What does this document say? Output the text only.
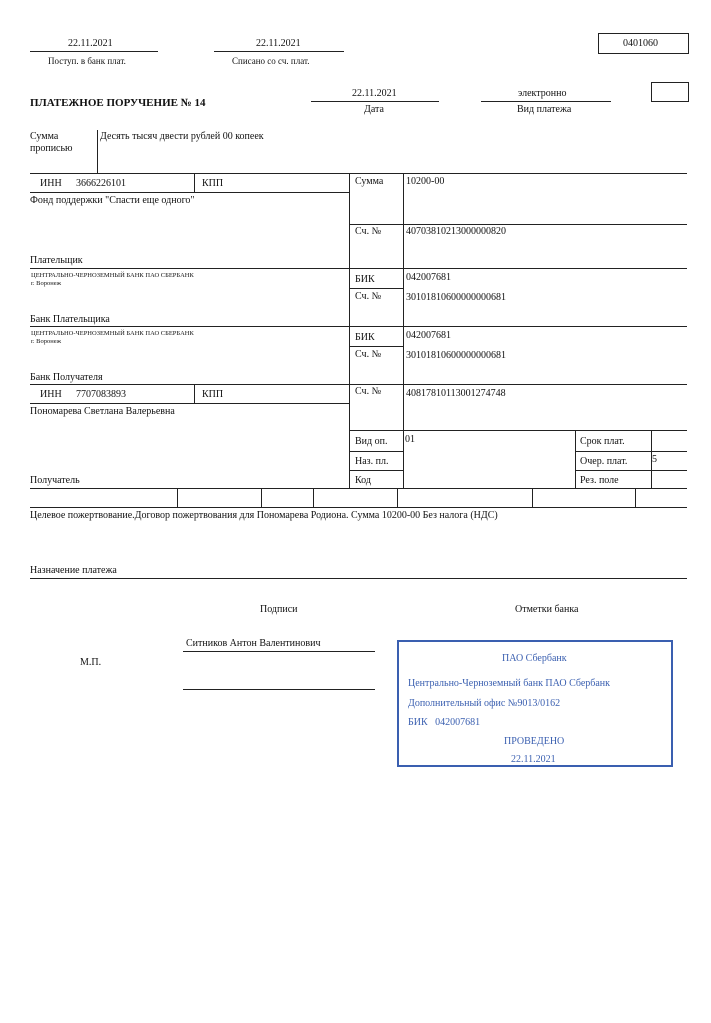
22.11.2021
Поступ. в банк плат.
22.11.2021
Списано со сч. плат.
0401060
ПЛАТЕЖНОЕ ПОРУЧЕНИЕ № 14
22.11.2021
Дата
электронно
Вид платежа
Сумма
прописью
Десять тысяч двести рублей 00 копеек
ИНН 3666226101	КПП
Фонд поддержки "Спасти еще одного"
Плательщик
Сумма 10200-00
Сч. № 40703810213000000820
ЦЕНТРАЛЬНО-ЧЕРНОЗЕМНЫЙ БАНК ПАО СБЕРБАНК
г. Воронеж
Банк Плательщика
БИК	042007681
Сч. № 30101810600000000681
ЦЕНТРАЛЬНО-ЧЕРНОЗЕМНЫЙ БАНК ПАО СБЕРБАНК
г. Воронеж
Банк Получателя
БИК	042007681
Сч. № 30101810600000000681
ИНН 7707083893	КПП
Пономарева Светлана Валерьевна
Получатель
Сч. № 40817810113001274748
Вид оп. 01
Наз. пл.
Код
Срок плат.
Очер. плат. 5
Рез. поле
Целевое пожертвование.Договор пожертвования для Пономарева Родиона. Сумма 10200-00 Без налога (НДС)
Назначение платежа
Подписи	Отметки банка
Ситников Антон Валентинович
М.П.	ПАО Сбербанк
Центрально-Черноземный банк ПАО Сбербанк
Дополнительный офис №9013/0162
БИК   042007681
ПРОВЕДЕНО
22.11.2021
